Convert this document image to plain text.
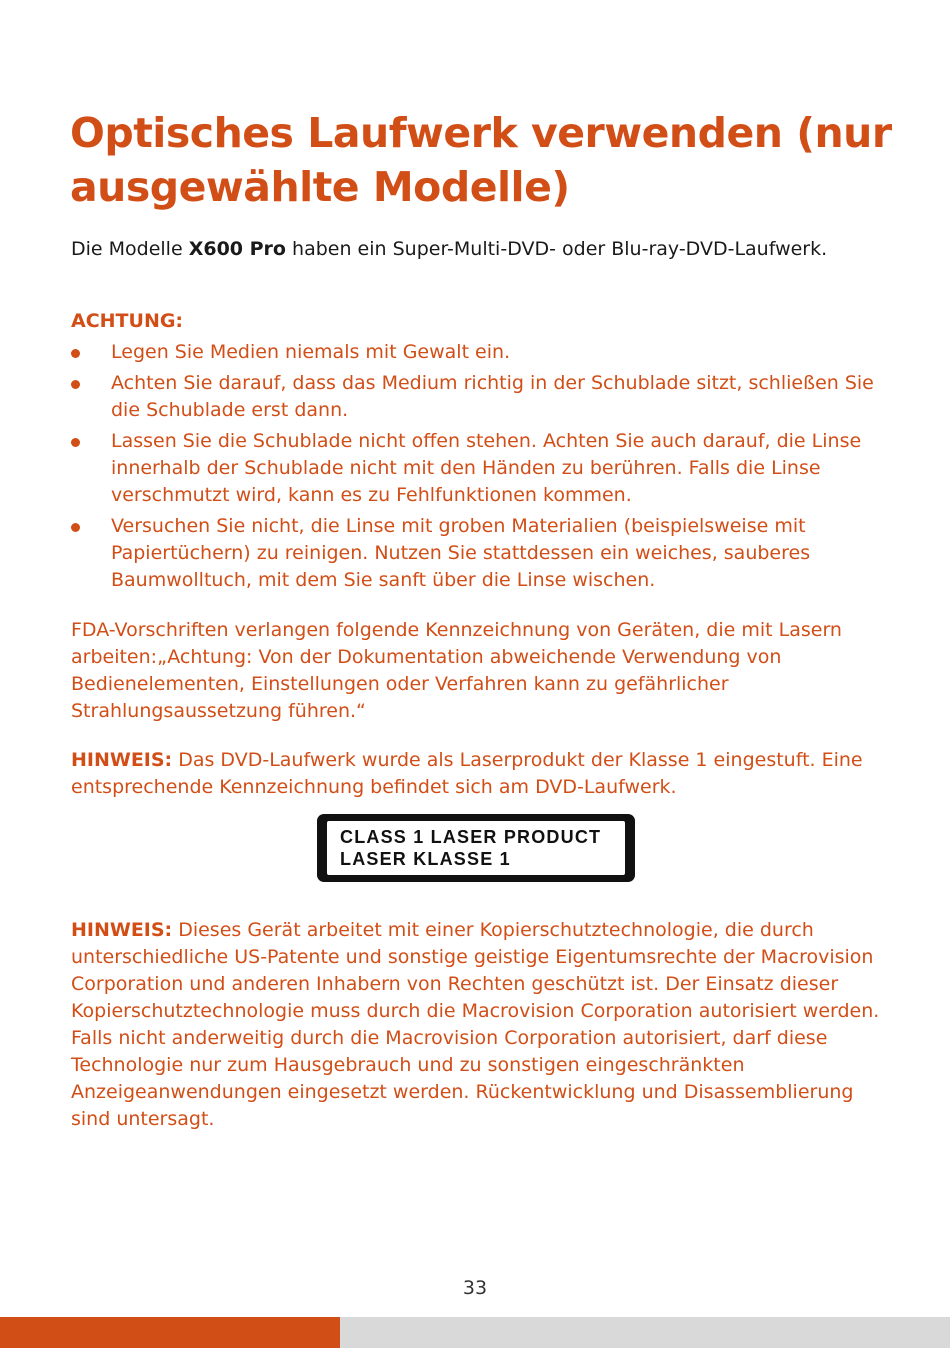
Optisches Laufwerk verwenden (nur ausgewählte Modelle)

Die Modelle X600 Pro haben ein Super-Multi-DVD- oder Blu-ray-DVD-Laufwerk.

ACHTUNG:

Legen Sie Medien niemals mit Gewalt ein.
Achten Sie darauf, dass das Medium richtig in der Schublade sitzt, schließen Sie die Schublade erst dann.
Lassen Sie die Schublade nicht offen stehen. Achten Sie auch darauf, die Linse innerhalb der Schublade nicht mit den Händen zu berühren. Falls die Linse verschmutzt wird, kann es zu Fehlfunktionen kommen.
Versuchen Sie nicht, die Linse mit groben Materialien (beispielsweise mit Papiertüchern) zu reinigen. Nutzen Sie stattdessen ein weiches, sauberes Baumwolltuch, mit dem Sie sanft über die Linse wischen.

FDA-Vorschriften verlangen folgende Kennzeichnung von Geräten, die mit Lasern arbeiten:„Achtung: Von der Dokumentation abweichende Verwendung von Bedienelementen, Einstellungen oder Verfahren kann zu gefährlicher Strahlungsaussetzung führen.“

HINWEIS: Das DVD-Laufwerk wurde als Laserprodukt der Klasse 1 eingestuft. Eine entsprechende Kennzeichnung befindet sich am DVD-Laufwerk.

CLASS 1 LASER PRODUCT
LASER KLASSE 1

HINWEIS: Dieses Gerät arbeitet mit einer Kopierschutztechnologie, die durch unterschiedliche US-Patente und sonstige geistige Eigentumsrechte der Macrovision Corporation und anderen Inhabern von Rechten geschützt ist. Der Einsatz dieser Kopierschutztechnologie muss durch die Macrovision Corporation autorisiert werden. Falls nicht anderweitig durch die Macrovision Corporation autorisiert, darf diese Technologie nur zum Hausgebrauch und zu sonstigen eingeschränkten Anzeigeanwendungen eingesetzt werden. Rückentwicklung und Disassemblierung sind untersagt.

33
